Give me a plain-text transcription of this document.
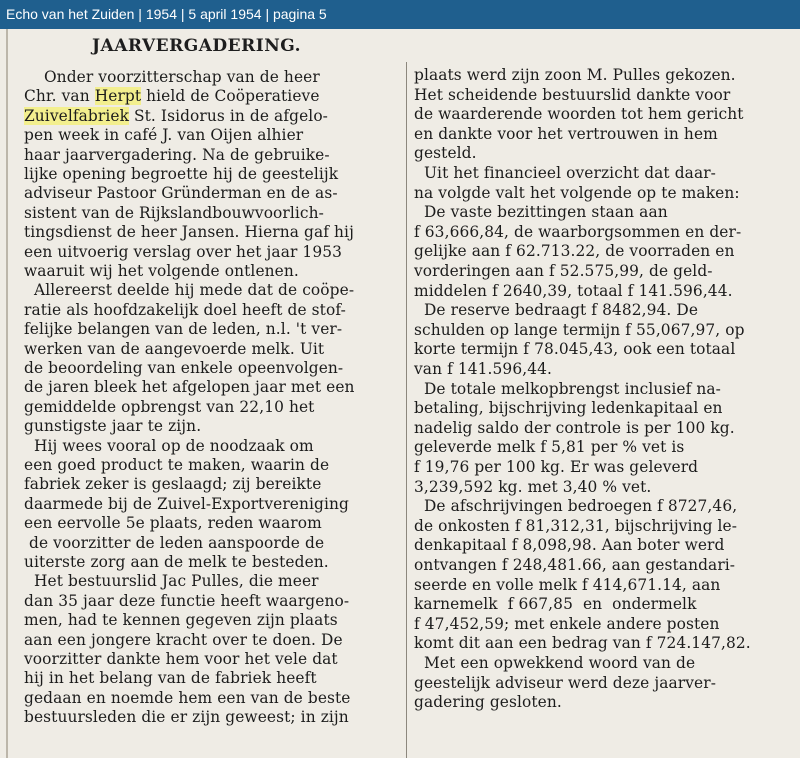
Echo van het Zuiden | 1954 | 5 april 1954 | pagina 5
JAARVERGADERING.
Onder voorzitterschap van de heer
Chr. van Herpt hield de Coöperatieve
Zuivelfabriek St. Isidorus in de afgelo-
pen week in café J. van Oijen alhier
haar jaarvergadering. Na de gebruike-
lijke opening begroette hij de geestelijk
adviseur Pastoor Gründerman en de as-
sistent van de Rijkslandbouwvoorlich-
tingsdienst de heer Jansen. Hierna gaf hij
een uitvoerig verslag over het jaar 1953
waaruit wij het volgende ontlenen.
Allereerst deelde hij mede dat de coöpe-
ratie als hoofdzakelijk doel heeft de stof-
felijke belangen van de leden, n.l. 't ver-
werken van de aangevoerde melk. Uit
de beoordeling van enkele opeenvolgen-
de jaren bleek het afgelopen jaar met een
gemiddelde opbrengst van 22,10 het
gunstigste jaar te zijn.
Hij wees vooral op de noodzaak om
een goed product te maken, waarin de
fabriek zeker is geslaagd; zij bereikte
daarmede bij de Zuivel-Exportvereniging
een eervolle 5e plaats, reden waarom
de voorzitter de leden aanspoorde de
uiterste zorg aan de melk te besteden.
Het bestuurslid Jac Pulles, die meer
dan 35 jaar deze functie heeft waargeno-
men, had te kennen gegeven zijn plaats
aan een jongere kracht over te doen. De
voorzitter dankte hem voor het vele dat
hij in het belang van de fabriek heeft
gedaan en noemde hem een van de beste
bestuursleden die er zijn geweest; in zijn
plaats werd zijn zoon M. Pulles gekozen.
Het scheidende bestuurslid dankte voor
de waarderende woorden tot hem gericht
en dankte voor het vertrouwen in hem
gesteld.
Uit het financieel overzicht dat daar-
na volgde valt het volgende op te maken:
De vaste bezittingen staan aan
f 63,666,84, de waarborgsommen en der-
gelijke aan f 62.713.22, de voorraden en
vorderingen aan f 52.575,99, de geld-
middelen f 2640,39, totaal f 141.596,44.
De reserve bedraagt f 8482,94. De
schulden op lange termijn f 55,067,97, op
korte termijn f 78.045,43, ook een totaal
van f 141.596,44.
De totale melkopbrengst inclusief na-
betaling, bijschrijving ledenkapitaal en
nadelig saldo der controle is per 100 kg.
geleverde melk f 5,81 per % vet is
f 19,76 per 100 kg. Er was geleverd
3,239,592 kg. met 3,40 % vet.
De afschrijvingen bedroegen f 8727,46,
de onkosten f 81,312,31, bijschrijving le-
denkapitaal f 8,098,98. Aan boter werd
ontvangen f 248,481.66, aan gestandari-
seerde en volle melk f 414,671.14, aan
karnemelk  f 667,85  en  ondermelk
f 47,452,59; met enkele andere posten
komt dit aan een bedrag van f 724.147,82.
Met een opwekkend woord van de
geestelijk adviseur werd deze jaarver-
gadering gesloten.
